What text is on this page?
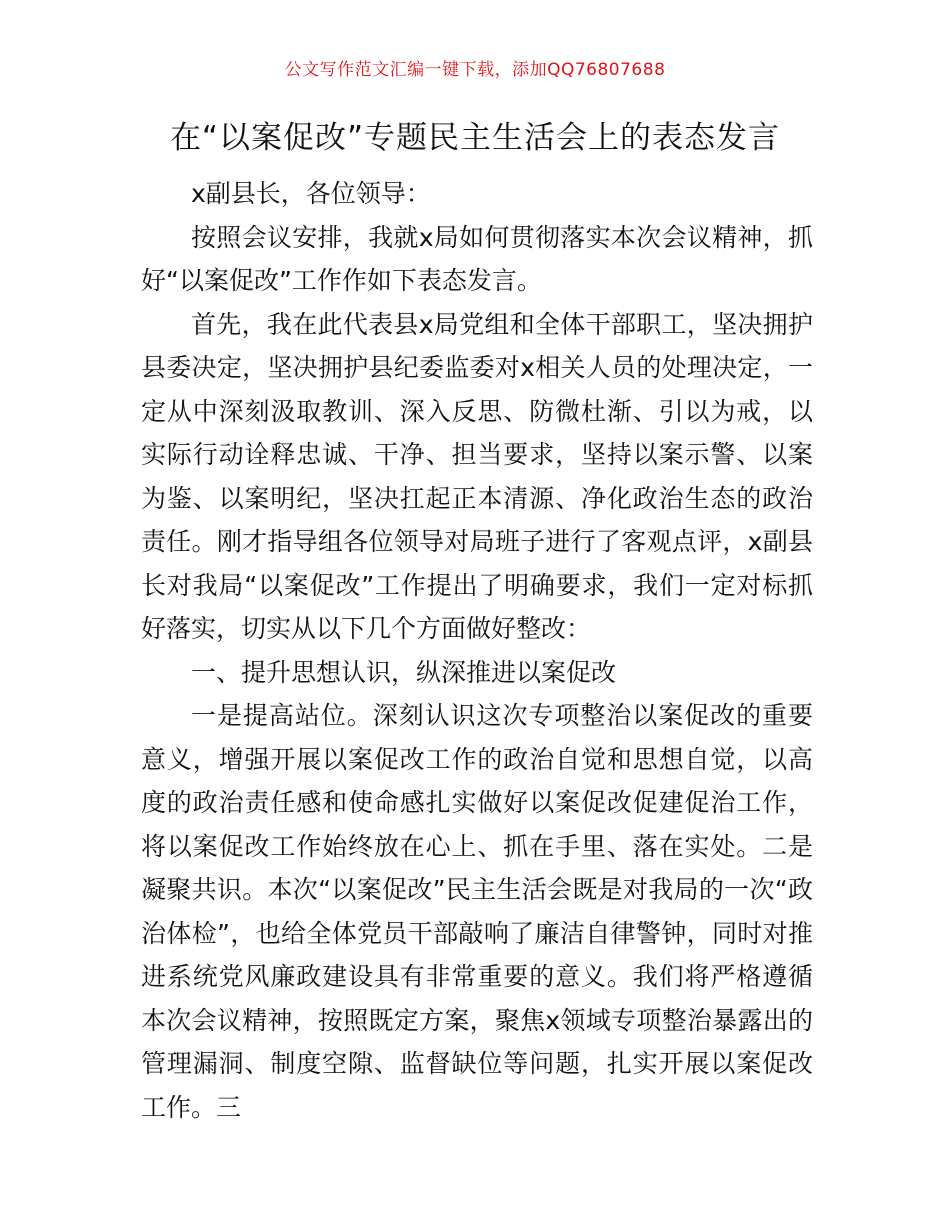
公文写作范文汇编一键下载，添加QQ76807688
在“以案促改”专题民主生活会上的表态发言

x副县长，各位领导：

按照会议安排，我就x局如何贯彻落实本次会议精神，抓好“以案促改”工作作如下表态发言。

首先，我在此代表县x局党组和全体干部职工，坚决拥护县委决定，坚决拥护县纪委监委对x相关人员的处理决定，一定从中深刻汲取教训、深入反思、防微杜渐、引以为戒，以实际行动诠释忠诚、干净、担当要求，坚持以案示警、以案为鉴、以案明纪，坚决扛起正本清源、净化政治生态的政治责任。刚才指导组各位领导对局班子进行了客观点评，x副县长对我局“以案促改”工作提出了明确要求，我们一定对标抓好落实，切实从以下几个方面做好整改：

一、提升思想认识，纵深推进以案促改

一是提高站位。深刻认识这次专项整治以案促改的重要意义，增强开展以案促改工作的政治自觉和思想自觉，以高度的政治责任感和使命感扎实做好以案促改促建促治工作，将以案促改工作始终放在心上、抓在手里、落在实处。二是凝聚共识。本次“以案促改”民主生活会既是对我局的一次“政治体检”，也给全体党员干部敲响了廉洁自律警钟，同时对推进系统党风廉政建设具有非常重要的意义。我们将严格遵循本次会议精神，按照既定方案，聚焦x领域专项整治暴露出的管理漏洞、制度空隙、监督缺位等问题，扎实开展以案促改工作。三
